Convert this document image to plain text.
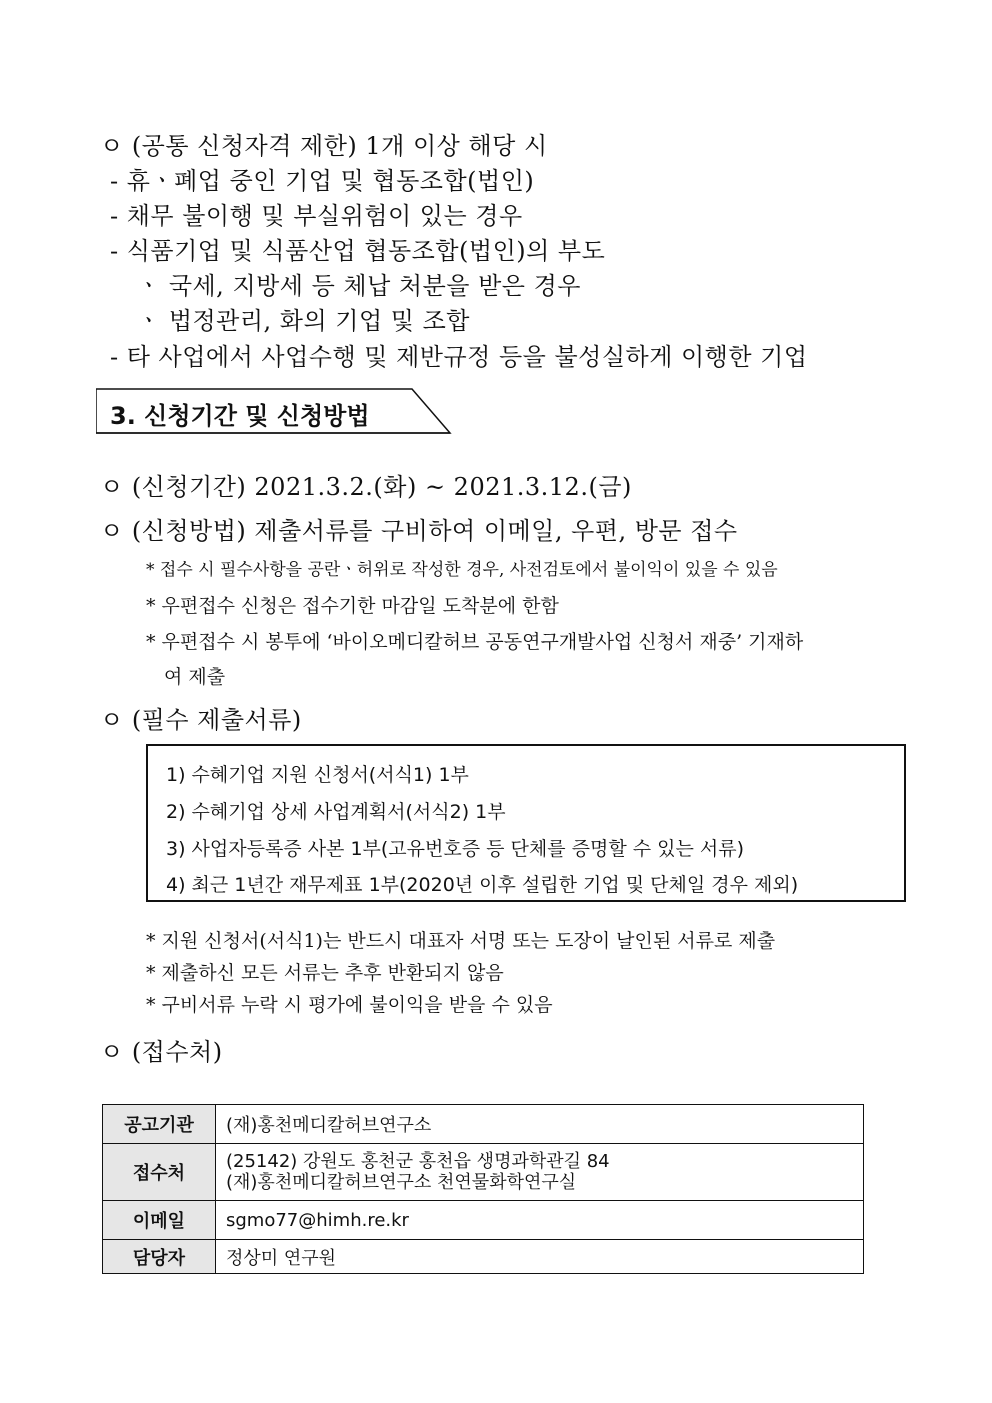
ㅇ (공통 신청자격 제한) 1개 이상 해당 시
- 휴ㆍ폐업 중인 기업 및 협동조합(법인)
- 채무 불이행 및 부실위험이 있는 경우
- 식품기업 및 식품산업 협동조합(법인)의 부도
ㆍ 국세, 지방세 등 체납 처분을 받은 경우
ㆍ 법정관리, 화의 기업 및 조합
- 타 사업에서 사업수행 및 제반규정 등을 불성실하게 이행한 기업
3. 신청기간 및 신청방법
ㅇ (신청기간) 2021.3.2.(화) ~ 2021.3.12.(금)
ㅇ (신청방법) 제출서류를 구비하여 이메일, 우편, 방문 접수
* 접수 시 필수사항을 공란ㆍ허위로 작성한 경우, 사전검토에서 불이익이 있을 수 있음
* 우편접수 신청은 접수기한 마감일 도착분에 한함
* 우편접수 시 봉투에 ‘바이오메디칼허브 공동연구개발사업 신청서 재중’ 기재하
여 제출
ㅇ (필수 제출서류)
1) 수혜기업 지원 신청서(서식1) 1부
2) 수혜기업 상세 사업계획서(서식2) 1부
3) 사업자등록증 사본 1부(고유번호증 등 단체를 증명할 수 있는 서류)
4) 최근 1년간 재무제표 1부(2020년 이후 설립한 기업 및 단체일 경우 제외)
* 지원 신청서(서식1)는 반드시 대표자 서명 또는 도장이 날인된 서류로 제출
* 제출하신 모든 서류는 추후 반환되지 않음
* 구비서류 누락 시 평가에 불이익을 받을 수 있음
ㅇ (접수처)
공고기관	(재)홍천메디칼허브연구소
접수처	(25142) 강원도 홍천군 홍천읍 생명과학관길 84
(재)홍천메디칼허브연구소 천연물화학연구실

이메일	sgmo77@himh.re.kr
담당자	정상미 연구원
